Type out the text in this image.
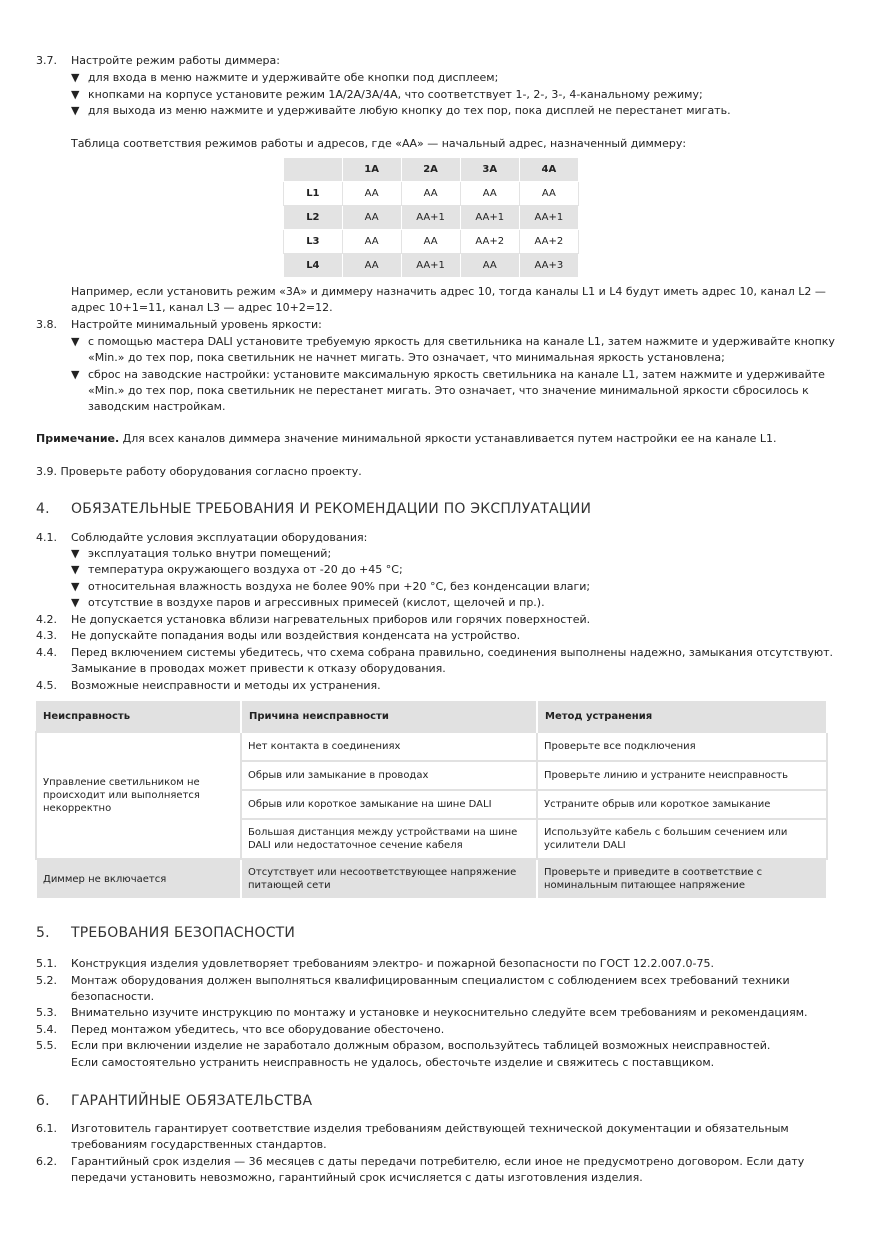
3.7. Настройте режим работы диммера:
▼ для входа в меню нажмите и удерживайте обе кнопки под дисплеем;
▼ кнопками на корпусе установите режим 1А/2А/3А/4А, что соответствует 1-, 2-, 3-, 4-канальному режиму;
▼ для выхода из меню нажмите и удерживайте любую кнопку до тех пор, пока дисплей не перестанет мигать.
Таблица соответствия режимов работы и адресов, где «АА» — начальный адрес, назначенный диммеру:
	1A	2A	3A	4A
L1	AA	AA	AA	AA
L2	AA	AA+1	AA+1	AA+1
L3	AA	AA	AA+2	AA+2
L4	AA	AA+1	AA	AA+3
Например, если установить режим «3А» и диммеру назначить адрес 10, тогда каналы L1 и L4 будут иметь адрес 10, канал L2 —
адрес 10+1=11, канал L3 — адрес 10+2=12.
3.8. Настройте минимальный уровень яркости:
▼ с помощью мастера DALI установите требуемую яркость для светильника на канале L1, затем нажмите и удерживайте кнопку
«Min.» до тех пор, пока светильник не начнет мигать. Это означает, что минимальная яркость установлена;
▼ сброс на заводские настройки: установите максимальную яркость светильника на канале L1, затем нажмите и удерживайте
«Min.» до тех пор, пока светильник не перестанет мигать. Это означает, что значение минимальной яркости сбросилось к
заводским настройкам.
Примечание. Для всех каналов диммера значение минимальной яркости устанавливается путем настройки ее на канале L1.
3.9. Проверьте работу оборудования согласно проекту.
4. ОБЯЗАТЕЛЬНЫЕ ТРЕБОВАНИЯ И РЕКОМЕНДАЦИИ ПО ЭКСПЛУАТАЦИИ
4.1. Соблюдайте условия эксплуатации оборудования:
▼ эксплуатация только внутри помещений;
▼ температура окружающего воздуха от -20 до +45 °С;
▼ относительная влажность воздуха не более 90% при +20 °С, без конденсации влаги;
▼ отсутствие в воздухе паров и агрессивных примесей (кислот, щелочей и пр.).
4.2. Не допускается установка вблизи нагревательных приборов или горячих поверхностей.
4.3. Не допускайте попадания воды или воздействия конденсата на устройство.
4.4. Перед включением системы убедитесь, что схема собрана правильно, соединения выполнены надежно, замыкания отсутствуют.
Замыкание в проводах может привести к отказу оборудования.
4.5. Возможные неисправности и методы их устранения.
Неисправность	Причина неисправности	Метод устранения
Управление светильником не происходит или выполняется некорректно	Нет контакта в соединениях	Проверьте все подключения
	Обрыв или замыкание в проводах	Проверьте линию и устраните неисправность
	Обрыв или короткое замыкание на шине DALI	Устраните обрыв или короткое замыкание
	Большая дистанция между устройствами на шине DALI или недостаточное сечение кабеля	Используйте кабель с большим сечением или усилители DALI
Диммер не включается	Отсутствует или несоответствующее напряжение питающей сети	Проверьте и приведите в соответствие с номинальным питающее напряжение
5. ТРЕБОВАНИЯ БЕЗОПАСНОСТИ
5.1. Конструкция изделия удовлетворяет требованиям электро- и пожарной безопасности по ГОСТ 12.2.007.0-75.
5.2. Монтаж оборудования должен выполняться квалифицированным специалистом с соблюдением всех требований техники
безопасности.
5.3. Внимательно изучите инструкцию по монтажу и установке и неукоснительно следуйте всем требованиям и рекомендациям.
5.4. Перед монтажом убедитесь, что все оборудование обесточено.
5.5. Если при включении изделие не заработало должным образом, воспользуйтесь таблицей возможных неисправностей.
Если самостоятельно устранить неисправность не удалось, обесточьте изделие и свяжитесь с поставщиком.
6. ГАРАНТИЙНЫЕ ОБЯЗАТЕЛЬСТВА
6.1. Изготовитель гарантирует соответствие изделия требованиям действующей технической документации и обязательным
требованиям государственных стандартов.
6.2. Гарантийный срок изделия — 36 месяцев с даты передачи потребителю, если иное не предусмотрено договором. Если дату
передачи установить невозможно, гарантийный срок исчисляется с даты изготовления изделия.
